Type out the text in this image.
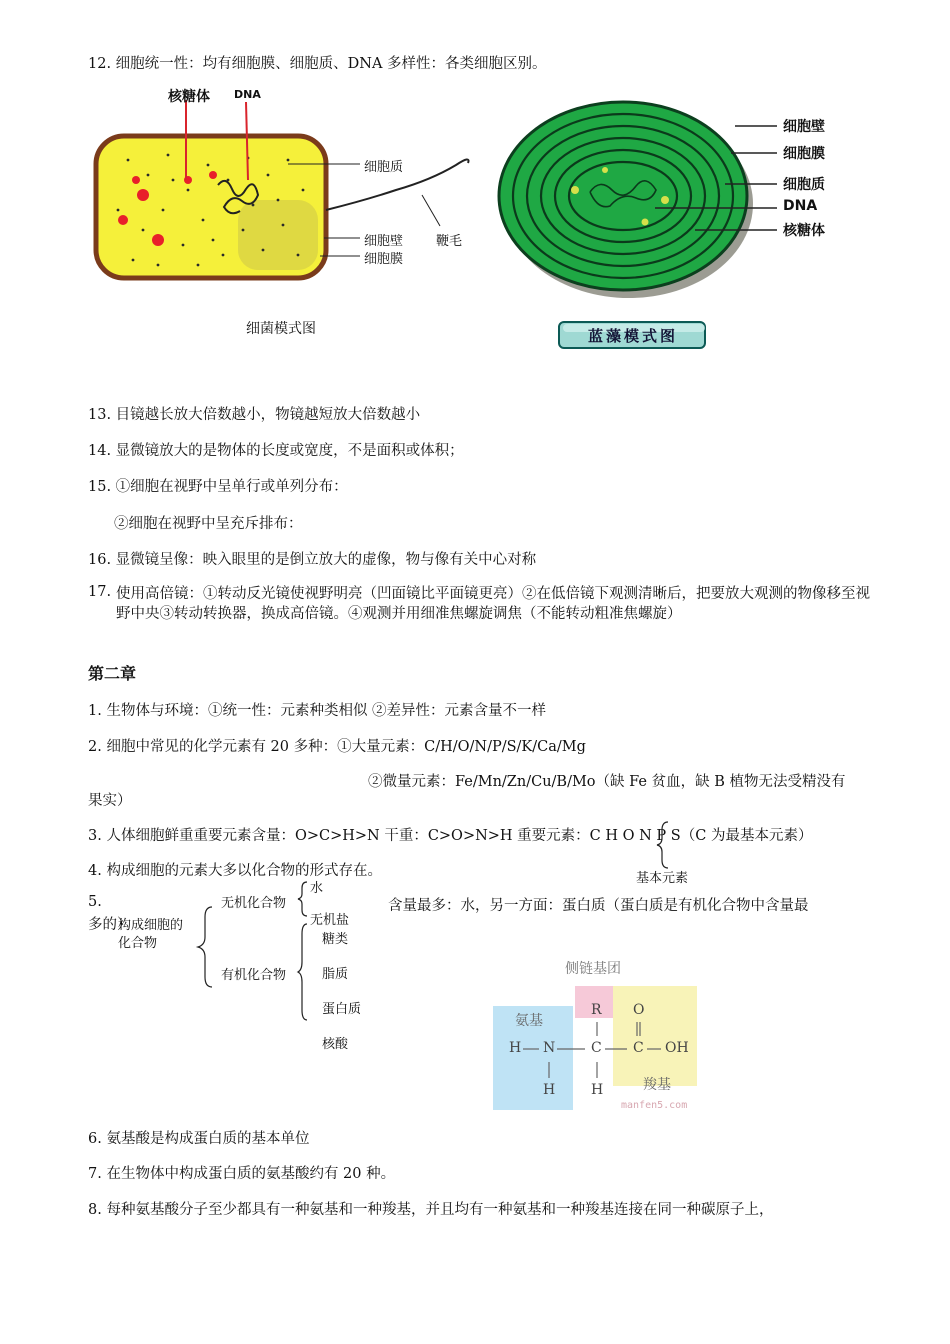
12. 细胞统一性：均有细胞膜、细胞质、DNA 多样性：各类细胞区别。
核糖体 DNA
细胞质
鞭毛
细胞壁
细胞膜
细菌模式图
细胞壁
细胞膜
细胞质
DNA
核糖体
蓝藻模式图
13. 目镜越长放大倍数越小，物镜越短放大倍数越小
14. 显微镜放大的是物体的长度或宽度，不是面积或体积；
15. ①细胞在视野中呈单行或单列分布：
②细胞在视野中呈充斥排布：
16. 显微镜呈像：映入眼里的是倒立放大的虚像，物与像有关中心对称
17. 使用高倍镜：①转动反光镜使视野明亮（凹面镜比平面镜更亮）②在低倍镜下观测清晰后，把要放大观测的物像移至视野中央③转动转换器，换成高倍镜。④观测并用细准焦螺旋调焦（不能转动粗准焦螺旋）
第二章
1. 生物体与环境：①统一性：元素种类相似 ②差异性：元素含量不一样
2. 细胞中常见的化学元素有 20 多种：①大量元素：C/H/O/N/P/S/K/Ca/Mg
②微量元素：Fe/Mn/Zn/Cu/B/Mo（缺 Fe 贫血，缺 B 植物无法受精没有
果实）
3. 人体细胞鲜重重要元素含量：O>C>H>N 干重：C>O>N>H 重要元素：C H O N P S（C 为最基本元素）
基本元素
4. 构成细胞的元素大多以化合物的形式存在。
5.	含量最多：水，另一方面：蛋白质（蛋白质是有机化合物中含量最
多的）
构成细胞的
化合物
无机化合物
有机化合物
水
无机盐
糖类
脂质
蛋白质
核酸
侧链基团
氨基
羧基
R O
H N	C C OH
H	H
manfen5.com
6. 氨基酸是构成蛋白质的基本单位
7. 在生物体中构成蛋白质的氨基酸约有 20 种。
8. 每种氨基酸分子至少都具有一种氨基和一种羧基，并且均有一种氨基和一种羧基连接在同一种碳原子上，
